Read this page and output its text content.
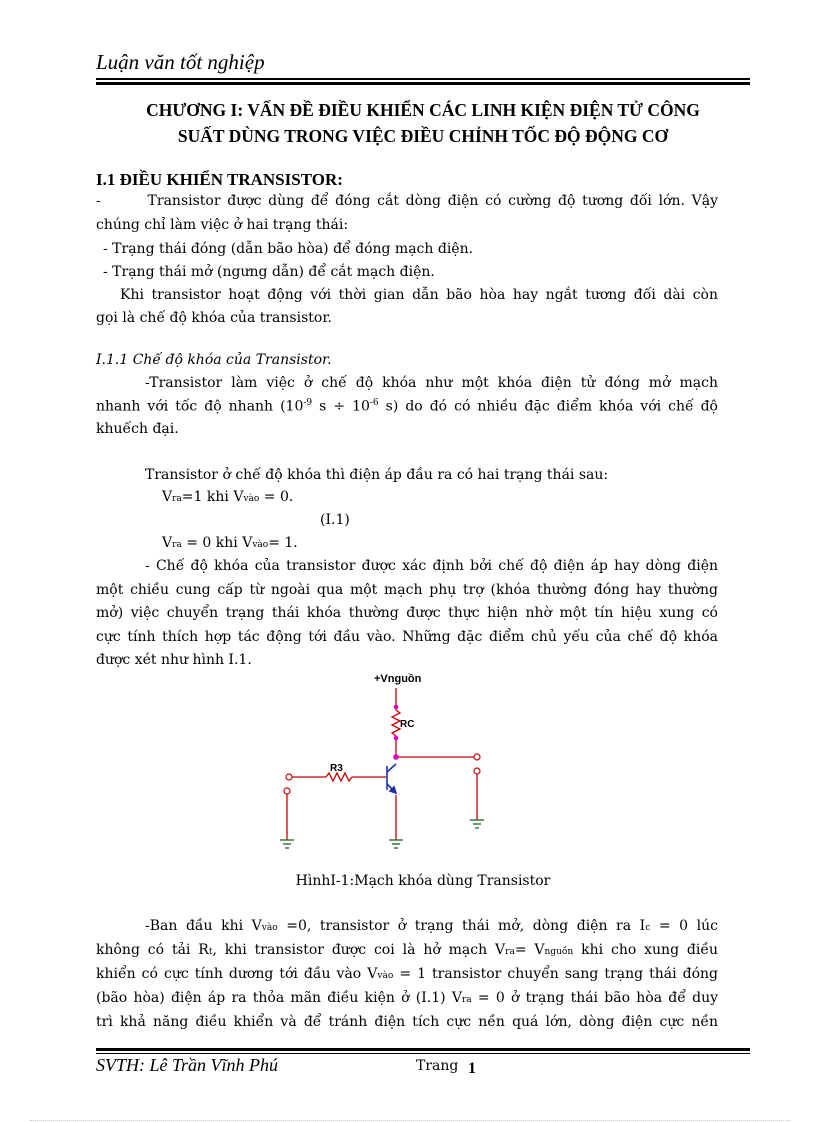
Luận văn tốt nghiệp
CHƯƠNG I: VẤN ĐỀ ĐIỀU KHIỂN CÁC LINH KIỆN ĐIỆN TỬ CÔNG
SUẤT DÙNG TRONG VIỆC ĐIỀU CHỈNH TỐC ĐỘ ĐỘNG CƠ
I.1 ĐIỀU KHIỂN TRANSISTOR:
-       Transistor được dùng để đóng cắt dòng điện có cường độ tương đối lớn. Vậy
chúng chỉ làm việc ở hai trạng thái:
- Trạng thái đóng (dẫn bão hòa) để đóng mạch điện.
- Trạng thái mở (ngưng dẫn) để cắt mạch điện.
Khi transistor hoạt động với thời gian dẫn bão hòa hay ngắt tương đối dài còn
gọi là chế độ khóa của transistor.
I.1.1 Chế độ khóa của Transistor.
-Transistor làm việc ở chế độ khóa như một khóa điện tử đóng mở mạch
nhanh với tốc độ nhanh ($10^{-9}$ $s \div 10^{-6}$ s) do đó có nhiều đặc điểm khóa với chế độ
khuếch đại.
Transistor ở chế độ khóa thì điện áp đầu ra có hai trạng thái sau:
Vra=1 khi Vvào = 0.
(I.1)
Vra = 0 khi Vvào= 1.
- Chế độ khóa của transistor được xác định bởi chế độ điện áp hay dòng điện
một chiều cung cấp từ ngoài qua một mạch phụ trợ (khóa thường đóng hay thường
mở) việc chuyển trạng thái khóa thường được thực hiện nhờ một tín hiệu xung có
cực tính thích hợp tác động tới đầu vào. Những đặc điểm chủ yếu của chế độ khóa
được xét như hình I.1.
+Vnguồn
RC
R3
HìnhI-1:Mạch khóa dùng Transistor
-Ban đầu khi Vvào =0, transistor ở trạng thái mở, dòng điện ra Ic = 0 lúc
không có tải Rt, khi transistor được coi là hở mạch Vra= Vnguồn khi cho xung điều
khiển có cực tính dương tới đầu vào Vvào = 1 transistor chuyển sang trạng thái đóng
(bão hòa) điện áp ra thỏa mãn điều kiện ở (I.1) Vra = 0 ở trạng thái bão hòa để duy
trì khả năng điều khiển và để tránh điện tích cực nền quá lớn, dòng điện cực nền
SVTH: Lê Trần Vĩnh Phú	Trang 1
